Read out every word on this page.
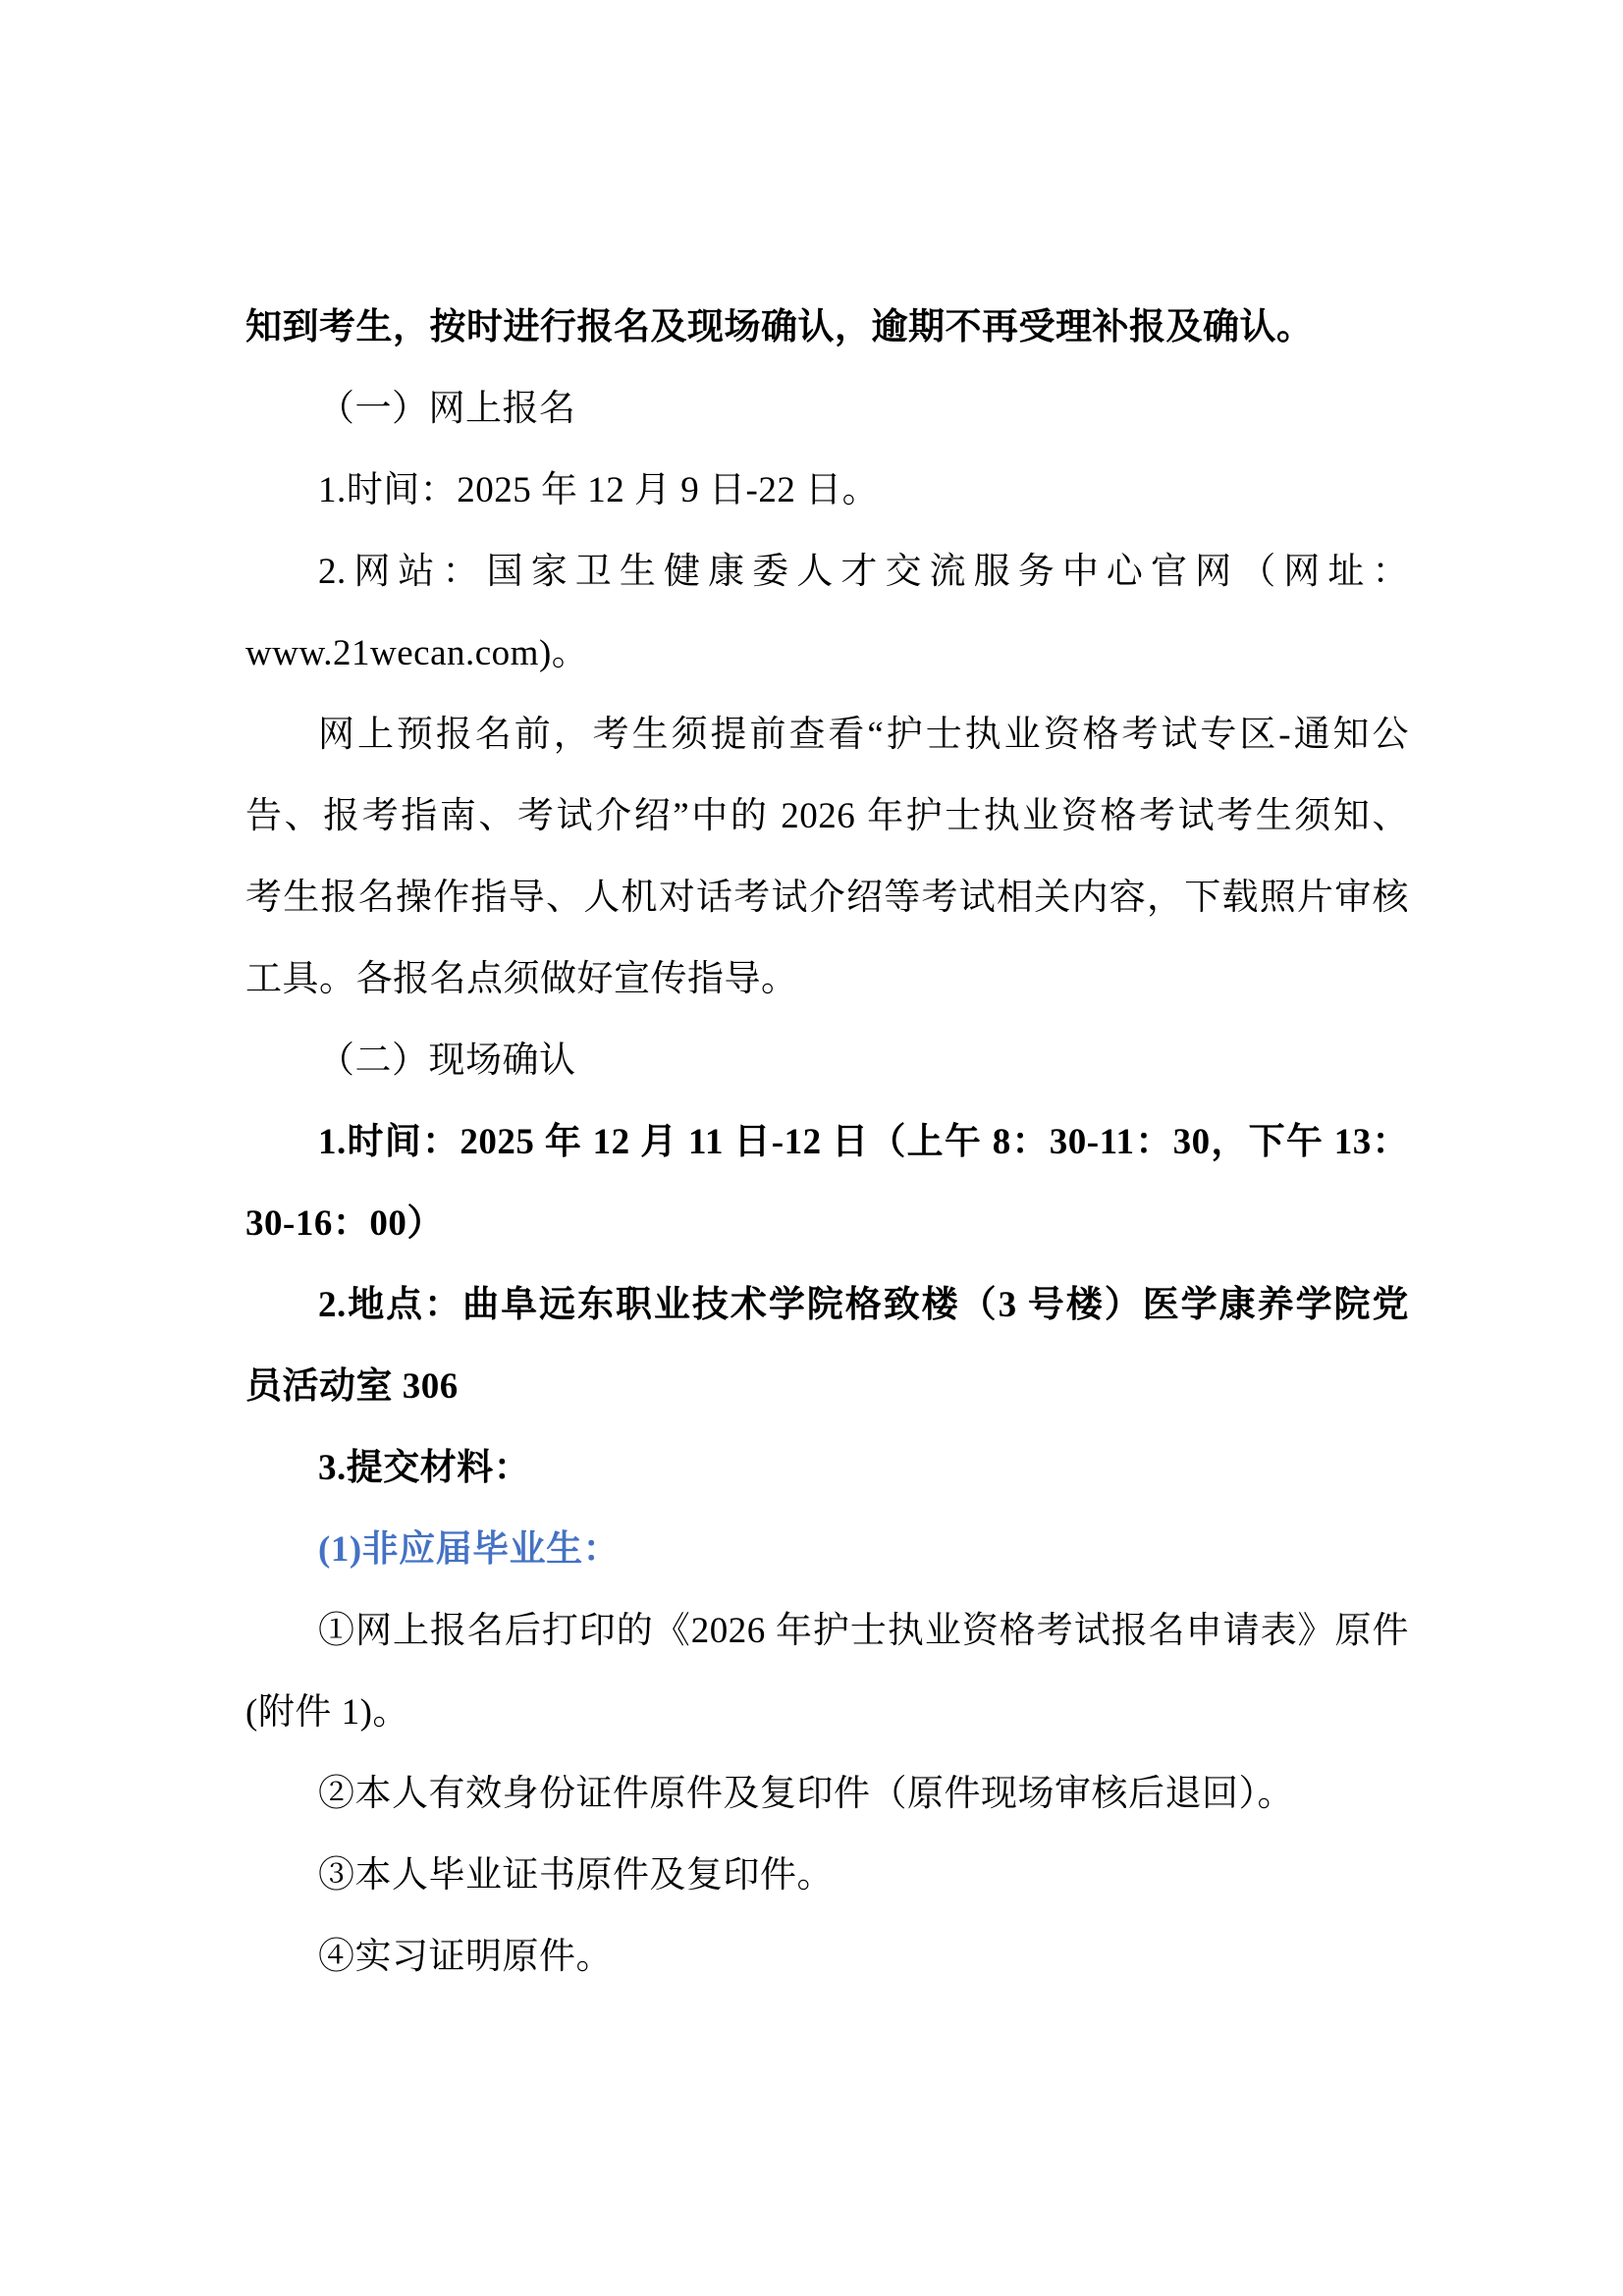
知到考生，按时进行报名及现场确认，逾期不再受理补报及确认。
（一）网上报名
1.时间：2025 年 12 月 9 日-22 日。
2.网站：国家卫生健康委人才交流服务中心官网（网址：
www.21wecan.com)。
网上预报名前，考生须提前查看“护士执业资格考试专区-通知公
告、报考指南、考试介绍”中的 2026 年护士执业资格考试考生须知、
考生报名操作指导、人机对话考试介绍等考试相关内容，下载照片审核
工具。各报名点须做好宣传指导。
（二）现场确认
1.时间：2025 年 12 月 11 日-12 日（上午 8：30-11：30，下午 13：
30-16：00）
2.地点：曲阜远东职业技术学院格致楼（3 号楼）医学康养学院党
员活动室 306
3.提交材料：
(1)非应届毕业生：
①网上报名后打印的《2026 年护士执业资格考试报名申请表》原件
(附件 1)。
②本人有效身份证件原件及复印件（原件现场审核后退回）。
③本人毕业证书原件及复印件。
④实习证明原件。
